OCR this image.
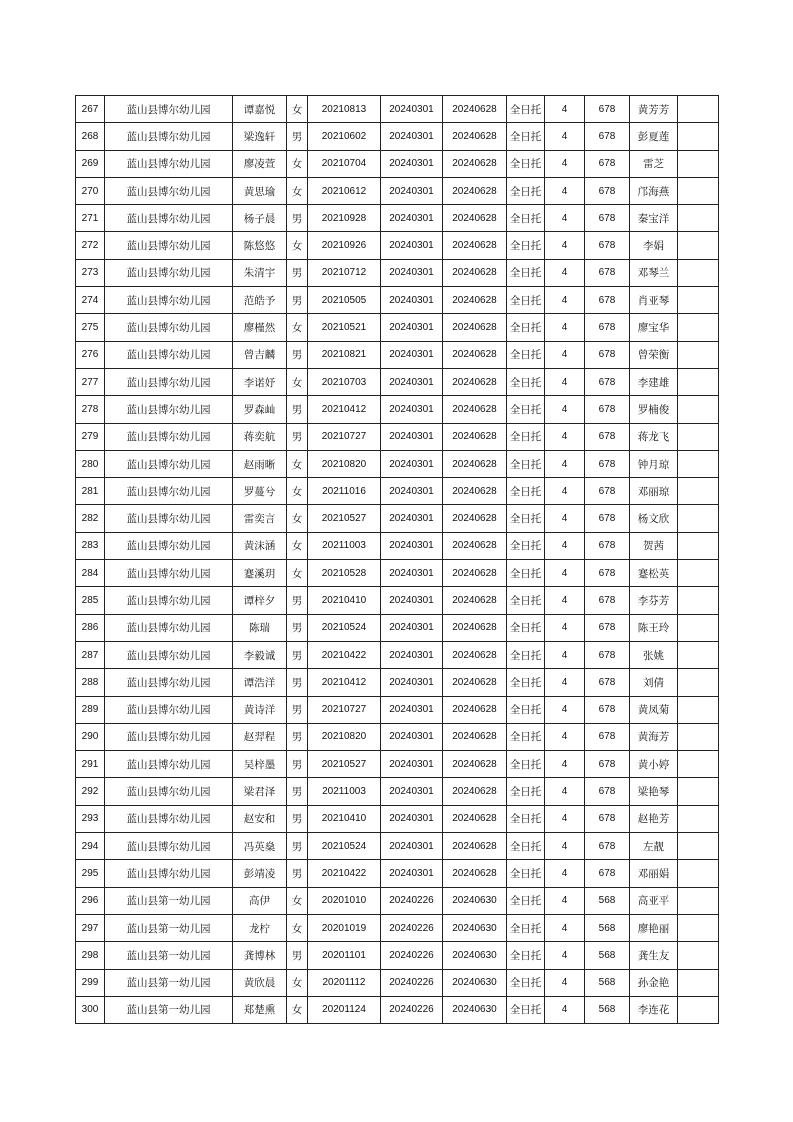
267	蓝山县博尔幼儿园	谭嘉悦	女	20210813	20240301	20240628	全日托	4	678	黄芳芳	
268	蓝山县博尔幼儿园	梁逸轩	男	20210602	20240301	20240628	全日托	4	678	彭夏莲	
269	蓝山县博尔幼儿园	廖凌萱	女	20210704	20240301	20240628	全日托	4	678	雷芝	
270	蓝山县博尔幼儿园	黄思瑜	女	20210612	20240301	20240628	全日托	4	678	邝海燕	
271	蓝山县博尔幼儿园	杨子晨	男	20210928	20240301	20240628	全日托	4	678	秦宝洋	
272	蓝山县博尔幼儿园	陈悠悠	女	20210926	20240301	20240628	全日托	4	678	李娟	
273	蓝山县博尔幼儿园	朱清宇	男	20210712	20240301	20240628	全日托	4	678	邓琴兰	
274	蓝山县博尔幼儿园	范皓予	男	20210505	20240301	20240628	全日托	4	678	肖亚琴	
275	蓝山县博尔幼儿园	廖槿然	女	20210521	20240301	20240628	全日托	4	678	廖宝华	
276	蓝山县博尔幼儿园	曾吉麟	男	20210821	20240301	20240628	全日托	4	678	曾荣衡	
277	蓝山县博尔幼儿园	李诺妤	女	20210703	20240301	20240628	全日托	4	678	李建雄	
278	蓝山县博尔幼儿园	罗森屾	男	20210412	20240301	20240628	全日托	4	678	罗楠俊	
279	蓝山县博尔幼儿园	蒋奕航	男	20210727	20240301	20240628	全日托	4	678	蒋龙飞	
280	蓝山县博尔幼儿园	赵雨晰	女	20210820	20240301	20240628	全日托	4	678	钟月琼	
281	蓝山县博尔幼儿园	罗蔓兮	女	20211016	20240301	20240628	全日托	4	678	邓丽琼	
282	蓝山县博尔幼儿园	雷奕言	女	20210527	20240301	20240628	全日托	4	678	杨文欣	
283	蓝山县博尔幼儿园	黄沫涵	女	20211003	20240301	20240628	全日托	4	678	贺茜	
284	蓝山县博尔幼儿园	蹇溪玥	女	20210528	20240301	20240628	全日托	4	678	蹇松英	
285	蓝山县博尔幼儿园	谭梓夕	男	20210410	20240301	20240628	全日托	4	678	李芬芳	
286	蓝山县博尔幼儿园	陈瑞	男	20210524	20240301	20240628	全日托	4	678	陈王玲	
287	蓝山县博尔幼儿园	李毅诚	男	20210422	20240301	20240628	全日托	4	678	张姚	
288	蓝山县博尔幼儿园	谭浩洋	男	20210412	20240301	20240628	全日托	4	678	刘倩	
289	蓝山县博尔幼儿园	黄诗洋	男	20210727	20240301	20240628	全日托	4	678	黄凤菊	
290	蓝山县博尔幼儿园	赵羿程	男	20210820	20240301	20240628	全日托	4	678	黄海芳	
291	蓝山县博尔幼儿园	吴梓墨	男	20210527	20240301	20240628	全日托	4	678	黄小婷	
292	蓝山县博尔幼儿园	梁君泽	男	20211003	20240301	20240628	全日托	4	678	梁艳琴	
293	蓝山县博尔幼儿园	赵安和	男	20210410	20240301	20240628	全日托	4	678	赵艳芳	
294	蓝山县博尔幼儿园	冯英燊	男	20210524	20240301	20240628	全日托	4	678	左靓	
295	蓝山县博尔幼儿园	彭靖凌	男	20210422	20240301	20240628	全日托	4	678	邓丽娟	
296	蓝山县第一幼儿园	高伊	女	20201010	20240226	20240630	全日托	4	568	高亚平	
297	蓝山县第一幼儿园	龙柠	女	20201019	20240226	20240630	全日托	4	568	廖艳丽	
298	蓝山县第一幼儿园	龚博林	男	20201101	20240226	20240630	全日托	4	568	龚生友	
299	蓝山县第一幼儿园	黄欣晨	女	20201112	20240226	20240630	全日托	4	568	孙金艳	
300	蓝山县第一幼儿园	郑楚熏	女	20201124	20240226	20240630	全日托	4	568	李连花	
